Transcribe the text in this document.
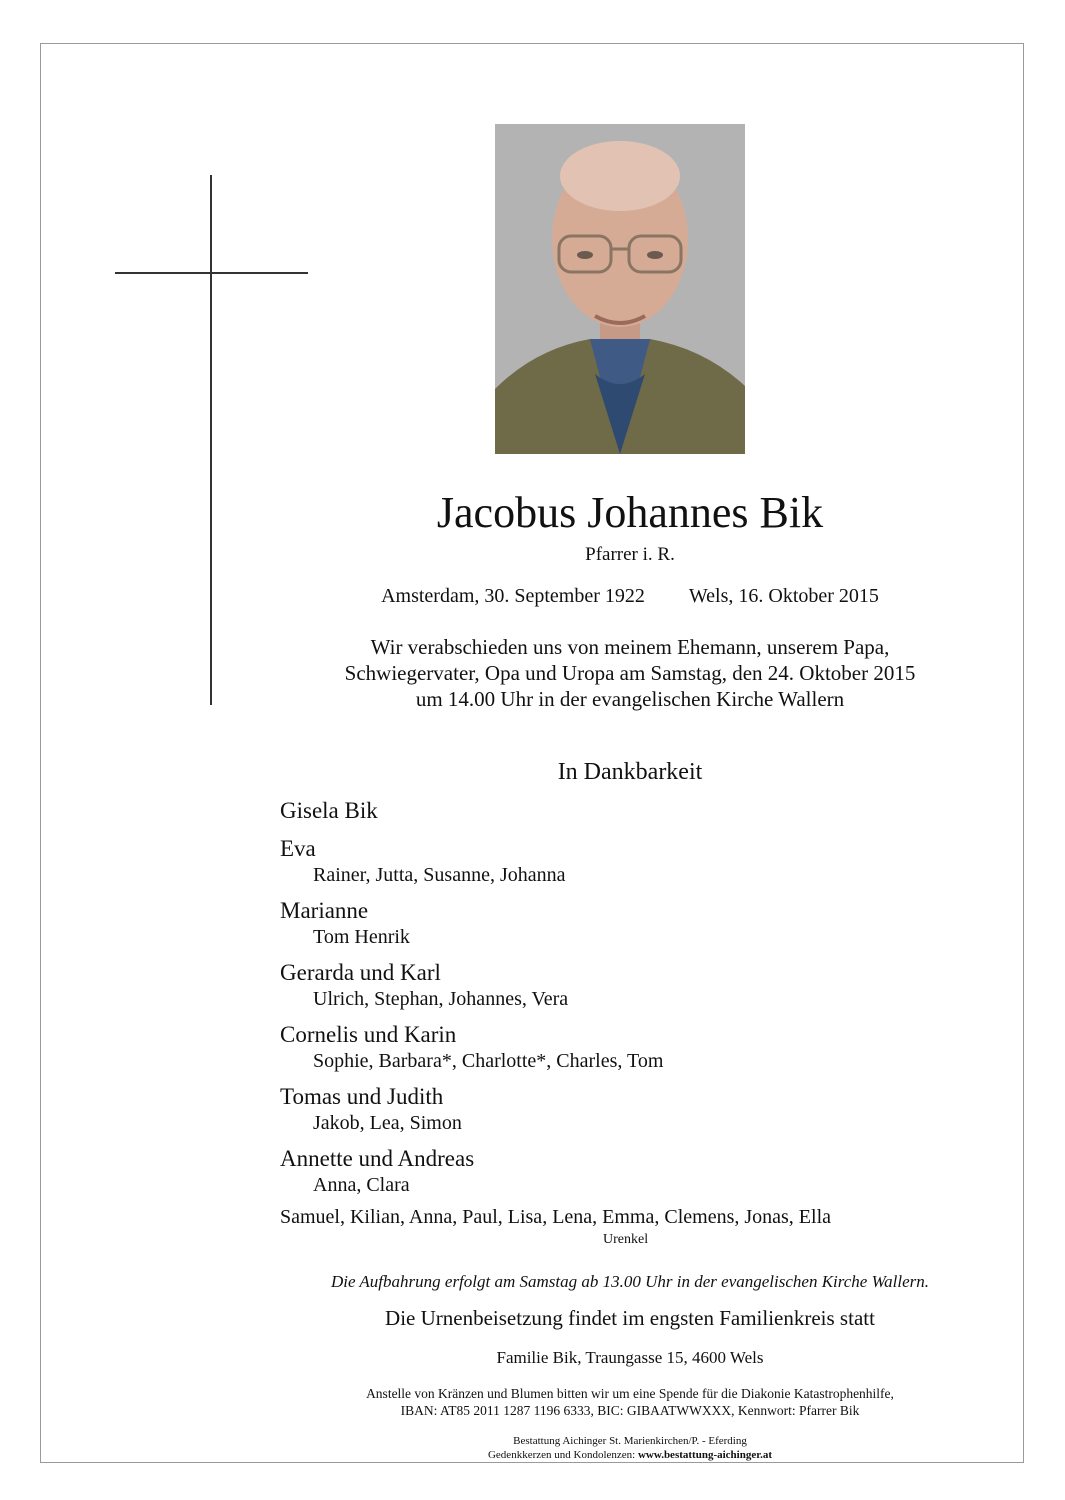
Jacobus Johannes Bik
Pfarrer i. R.
Amsterdam, 30. September 1922 Wels, 16. Oktober 2015
Wir verabschieden uns von meinem Ehemann, unserem Papa,
Schwiegervater, Opa und Uropa am Samstag, den 24. Oktober 2015
um 14.00 Uhr in der evangelischen Kirche Wallern
In Dankbarkeit
Gisela Bik
Eva
Rainer, Jutta, Susanne, Johanna
Marianne
Tom Henrik
Gerarda und Karl
Ulrich, Stephan, Johannes, Vera
Cornelis und Karin
Sophie, Barbara*, Charlotte*, Charles, Tom
Tomas und Judith
Jakob, Lea, Simon
Annette und Andreas
Anna, Clara
Samuel, Kilian, Anna, Paul, Lisa, Lena, Emma, Clemens, Jonas, Ella
Urenkel
Die Aufbahrung erfolgt am Samstag ab 13.00 Uhr in der evangelischen Kirche Wallern.
Die Urnenbeisetzung findet im engsten Familienkreis statt
Familie Bik, Traungasse 15, 4600 Wels
Anstelle von Kränzen und Blumen bitten wir um eine Spende für die Diakonie Katastrophenhilfe,
IBAN: AT85 2011 1287 1196 6333, BIC: GIBAATWWXXX, Kennwort: Pfarrer Bik
Bestattung Aichinger St. Marienkirchen/P. - Eferding
Gedenkkerzen und Kondolenzen: www.bestattung-aichinger.at
